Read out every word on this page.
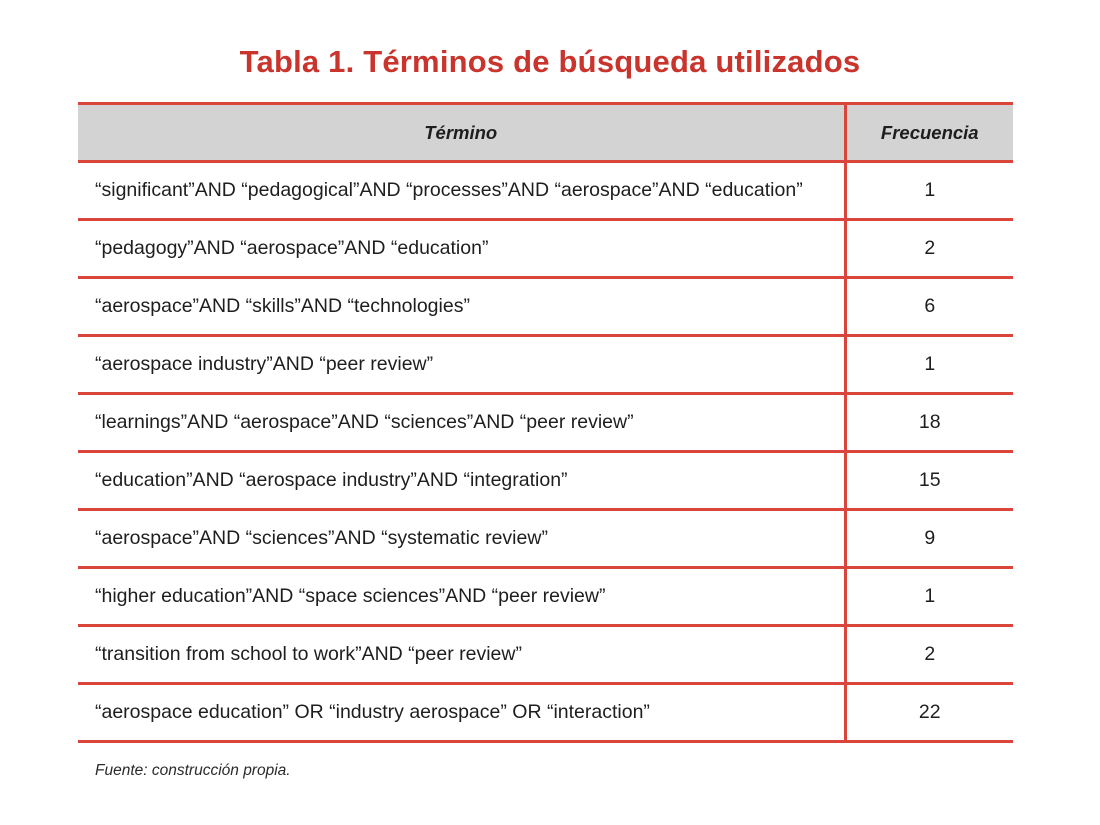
Tabla 1. Términos de búsqueda utilizados
Término	Frecuencia
“significant”AND “pedagogical”AND “processes”AND “aerospace”AND “education”	1
“pedagogy”AND “aerospace”AND “education”	2
“aerospace”AND “skills”AND “technologies”	6
“aerospace industry”AND “peer review”	1
“learnings”AND “aerospace”AND “sciences”AND “peer review”	18
“education”AND “aerospace industry”AND “integration”	15
“aerospace”AND “sciences”AND “systematic review”	9
“higher education”AND “space sciences”AND “peer review”	1
“transition from school to work”AND “peer review”	2
“aerospace education” OR “industry aerospace” OR “interaction”	22
Fuente: construcción propia.
